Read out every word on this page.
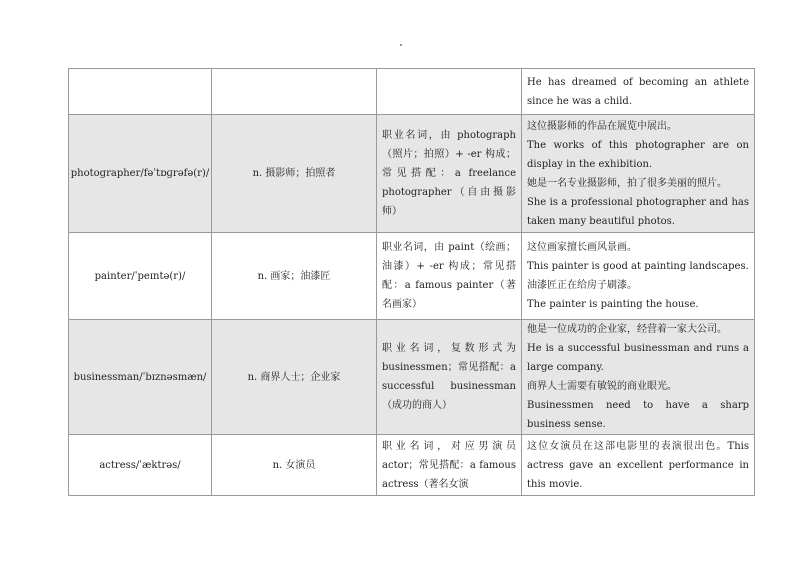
			He has dreamed of becoming an athlete since he was a child.

photographer/fəˈtɒɡrəfə(r)/	n. 摄影师；拍照者	职业名词，由 photograph（照片；拍照）+ -er 构成；常见搭配：a freelance photographer（自由摄影师）	这位摄影师的作品在展览中展出。
The works of this photographer are on display in the exhibition.
她是一名专业摄影师，拍了很多美丽的照片。
She is a professional photographer and has taken many beautiful photos.

painter/ˈpeɪntə(r)/	n. 画家；油漆匠	职业名词，由 paint（绘画；油漆）+ -er 构成；常见搭配：a famous painter（著名画家）	这位画家擅长画风景画。
This painter is good at painting landscapes.
油漆匠正在给房子刷漆。
The painter is painting the house.

businessman/ˈbɪznəsmæn/	n. 商界人士；企业家	职业名词，复数形式为 businessmen；常见搭配：a successful businessman（成功的商人）	他是一位成功的企业家，经营着一家大公司。
He is a successful businessman and runs a large company.
商界人士需要有敏锐的商业眼光。
Businessmen need to have a sharp business sense.

actress/ˈæktrəs/	n. 女演员	职业名词，对应男演员 actor；常见搭配：a famous actress（著名女演	这位女演员在这部电影里的表演很出色。This actress gave an excellent performance in this movie.
